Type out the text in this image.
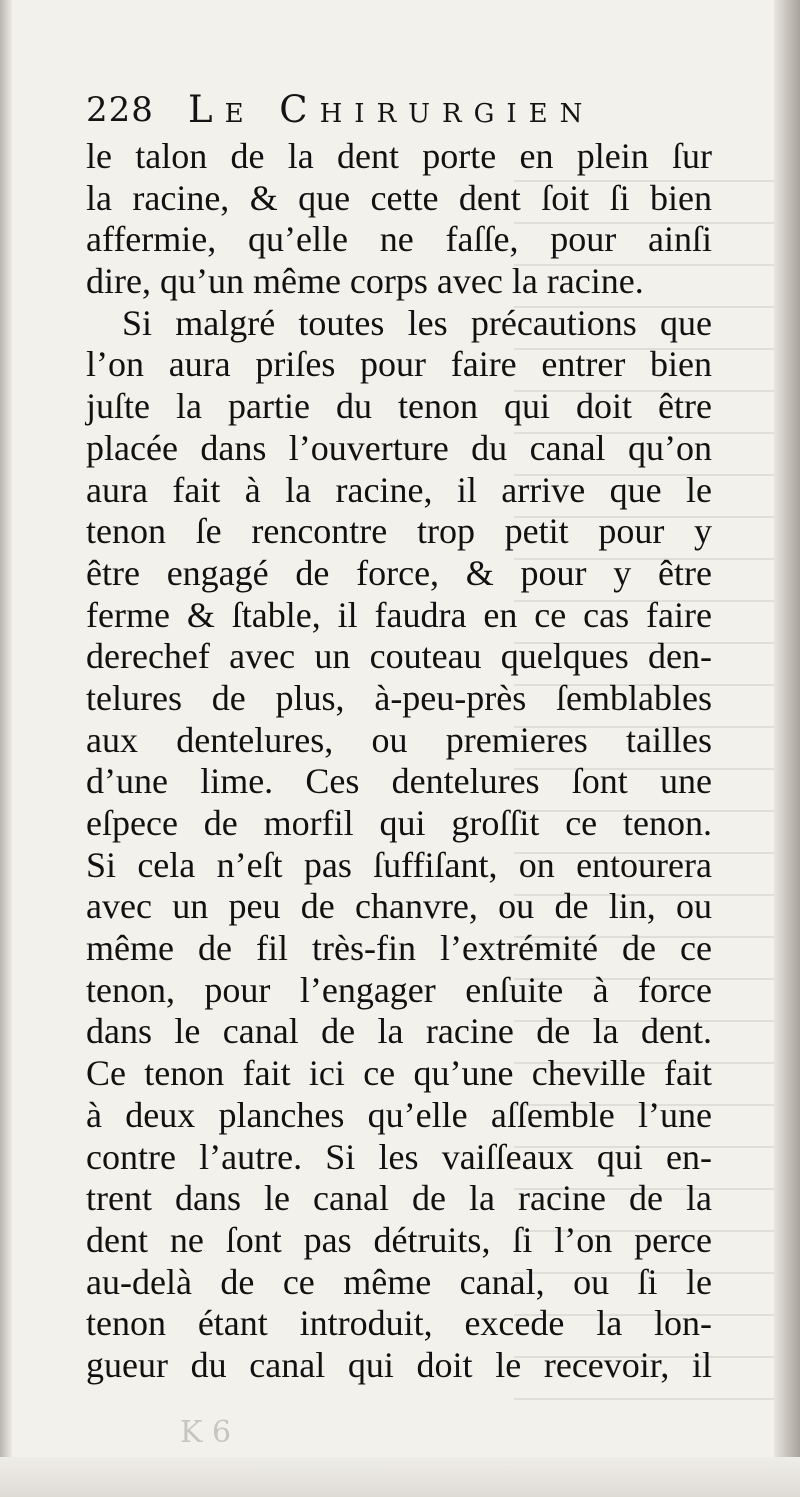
228 Le Chirurgien
le talon de la dent porte en plein ſur
la racine, & que cette dent ſoit ſi bien
affermie, qu’elle ne faſſe, pour ainſi
dire, qu’un même corps avec la racine.
Si malgré toutes les précautions que
l’on aura priſes pour faire entrer bien
juſte la partie du tenon qui doit être
placée dans l’ouverture du canal qu’on
aura fait à la racine, il arrive que le
tenon ſe rencontre trop petit pour y
être engagé de force, & pour y être
ferme & ſtable, il faudra en ce cas faire
derechef avec un couteau quelques den-
telures de plus, à-peu-près ſemblables
aux dentelures, ou premieres tailles
d’une lime. Ces dentelures ſont une
eſpece de morfil qui groſſit ce tenon.
Si cela n’eſt pas ſuffiſant, on entourera
avec un peu de chanvre, ou de lin, ou
même de fil très-fin l’extrémité de ce
tenon, pour l’engager enſuite à force
dans le canal de la racine de la dent.
Ce tenon fait ici ce qu’une cheville fait
à deux planches qu’elle aſſemble l’une
contre l’autre. Si les vaiſſeaux qui en-
trent dans le canal de la racine de la
dent ne ſont pas détruits, ſi l’on perce
au-delà de ce même canal, ou ſi le
tenon étant introduit, excede la lon-
gueur du canal qui doit le recevoir, il
K 6
